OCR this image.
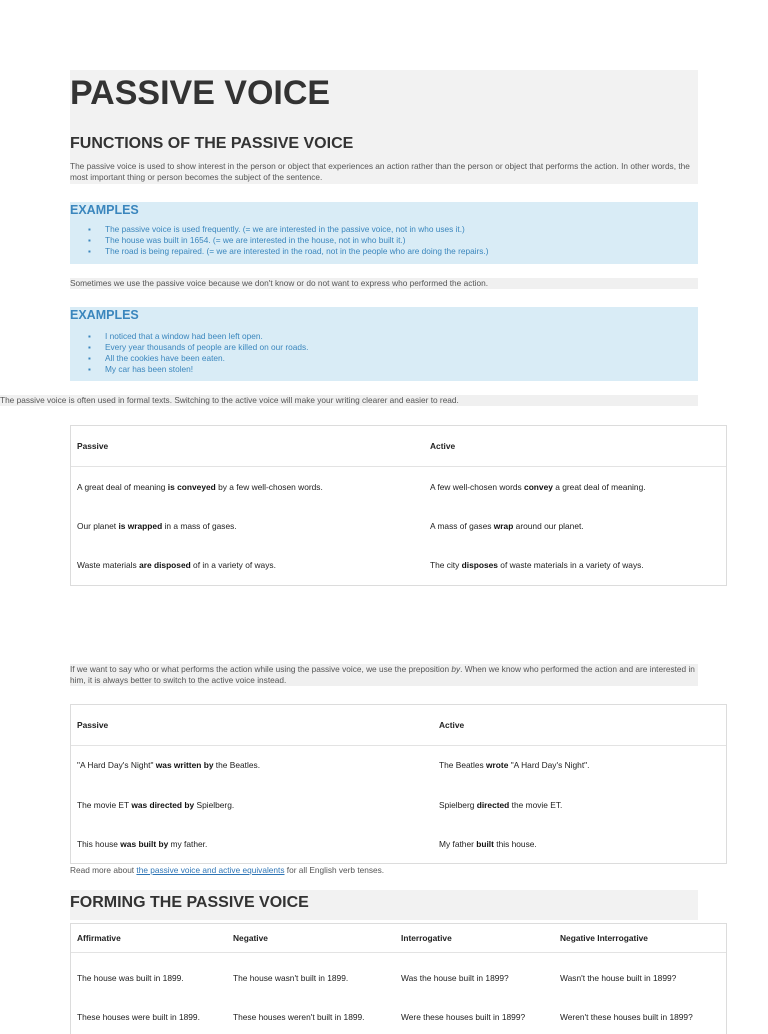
PASSIVE VOICE
FUNCTIONS OF THE PASSIVE VOICE
The passive voice is used to show interest in the person or object that experiences an action rather than the person or object that performs the action. In other words, the most important thing or person becomes the subject of the sentence.
EXAMPLES
▪ The passive voice is used frequently. (= we are interested in the passive voice, not in who uses it.)
▪ The house was built in 1654. (= we are interested in the house, not in who built it.)
▪ The road is being repaired. (= we are interested in the road, not in the people who are doing the repairs.)
Sometimes we use the passive voice because we don't know or do not want to express who performed the action.
EXAMPLES
▪ I noticed that a window had been left open.
▪ Every year thousands of people are killed on our roads.
▪ All the cookies have been eaten.
▪ My car has been stolen!
The passive voice is often used in formal texts. Switching to the active voice will make your writing clearer and easier to read.
Passive	Active

A great deal of meaning is conveyed by a few well-chosen words.	A few well-chosen words convey a great deal of meaning.
Our planet is wrapped in a mass of gases.	A mass of gases wrap around our planet.
Waste materials are disposed of in a variety of ways.	The city disposes of waste materials in a variety of ways.
If we want to say who or what performs the action while using the passive voice, we use the preposition by. When we know who performed the action and are interested in him, it is always better to switch to the active voice instead.
Passive	Active

"A Hard Day's Night" was written by the Beatles.	The Beatles wrote "A Hard Day's Night".
The movie ET was directed by Spielberg.	Spielberg directed the movie ET.
This house was built by my father.	My father built this house.
Read more about the passive voice and active equivalents for all English verb tenses.
FORMING THE PASSIVE VOICE
Affirmative	Negative	Interrogative	Negative Interrogative

The house was built in 1899.	The house wasn't built in 1899.	Was the house built in 1899?	Wasn't the house built in 1899?
These houses were built in 1899.	These houses weren't built in 1899.	Were these houses built in 1899?	Weren't these houses built in 1899?
